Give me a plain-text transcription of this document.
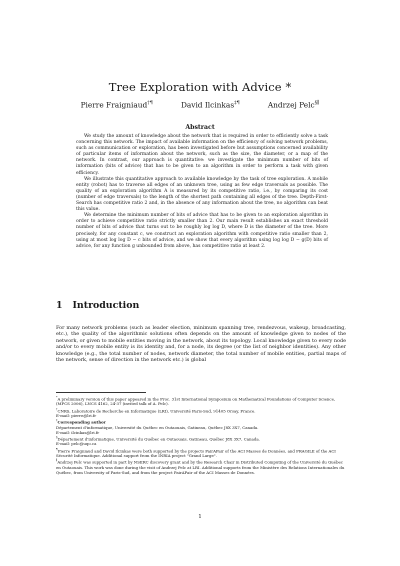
Tree Exploration with Advice *
Pierre Fraigniaud†¶	David Ilcinkas‡¶	Andrzej Pelc§∥
Abstract

We study the amount of knowledge about the network that is required in order to efficiently solve a task concerning this network. The impact of available information on the efficiency of solving network problems, such as communication or exploration, has been investigated before but assumptions concerned availability of particular items of information about the network, such as the size, the diameter, or a map of the network. In contrast, our approach is quantitative: we investigate the minimum number of bits of information (bits of advice) that has to be given to an algorithm in order to perform a task with given efficiency.

We illustrate this quantitative approach to available knowledge by the task of tree exploration. A mobile entity (robot) has to traverse all edges of an unknown tree, using as few edge traversals as possible. The quality of an exploration algorithm A is measured by its competitive ratio, i.e., by comparing its cost (number of edge traversals) to the length of the shortest path containing all edges of the tree. Depth-First-Search has competitive ratio 2 and, in the absence of any information about the tree, no algorithm can beat this value.

We determine the minimum number of bits of advice that has to be given to an exploration algorithm in order to achieve competitive ratio strictly smaller than 2. Our main result establishes an exact threshold number of bits of advice that turns out to be roughly log log D, where D is the diameter of the tree. More precisely, for any constant c, we construct an exploration algorithm with competitive ratio smaller than 2, using at most log log D − c bits of advice, and we show that every algorithm using log log D − g(D) bits of advice, for any function g unbounded from above, has competitive ratio at least 2.

1 Introduction

For many network problems (such as leader election, minimum spanning tree, rendezvous, wakeup, broadcasting, etc.), the quality of the algorithmic solutions often depends on the amount of knowledge given to nodes of the network, or given to mobile entities moving in the network, about its topology. Local knowledge given to every node and/or to every mobile entity is its identity and, for a node, its degree (or the list of neighbor identities). Any other knowledge (e.g., the total number of nodes, network diameter, the total number of mobile entities, partial maps of the network, sense of direction in the network etc.) is global

*A preliminary version of this paper appeared in the Proc. 31st International Symposium on Mathematical Foundations of Computer Science, (MFCS 2006), LNCS 4162, 24-37 (invited talk of A. Pelc).

†CNRS, Laboratoire de Recherche en Informatique (LRI), Université Paris-Sud, 91405 Orsay, France.

E-mail: pierre@lri.fr

‡Corresponding author

Département d'informatique, Université du Québec en Outaouais, Gatineau, Québec J8X 3X7, Canada.

E-mail: ilcinkas@lri.fr

§Département d'informatique, Université du Québec en Outaouais, Gatineau, Québec J8X 3X7, Canada.

E-mail: pelc@uqo.ca

¶Pierre Fraigniaud and David Ilcinkas were both supported by the projects PairAPair of the ACI Masses de Données, and FRAGILE of the ACI Sécurité Informatique. Additional support from the INRIA project "Grand Large".

∥Andrzej Pelc was supported in part by NSERC discovery grant and by the Research Chair in Distributed Computing of the Université du Québec en Outaouais. This work was done during the visit of Andrzej Pelc at LRI. Additional supports from the Ministère des Relations Internationales du Québec, from University of Paris-Sud, and from the project PairAPair of the ACI Masses de Données.

1
